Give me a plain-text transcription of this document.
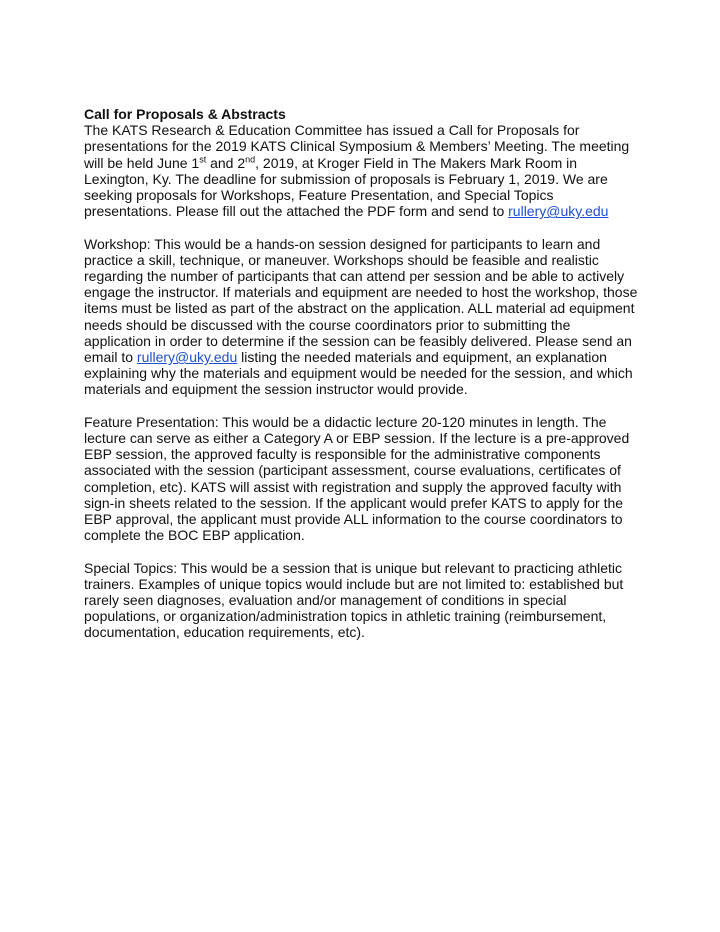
Call for Proposals & Abstracts

The KATS Research & Education Committee has issued a Call for Proposals for presentations for the 2019 KATS Clinical Symposium & Members’ Meeting. The meeting will be held June 1st and 2nd, 2019, at Kroger Field in The Makers Mark Room in Lexington, Ky. The deadline for submission of proposals is February 1, 2019. We are seeking proposals for Workshops, Feature Presentation, and Special Topics presentations. Please fill out the attached the PDF form and send to rullery@uky.edu

Workshop: This would be a hands-on session designed for participants to learn and practice a skill, technique, or maneuver. Workshops should be feasible and realistic regarding the number of participants that can attend per session and be able to actively engage the instructor. If materials and equipment are needed to host the workshop, those items must be listed as part of the abstract on the application. ALL material ad equipment needs should be discussed with the course coordinators prior to submitting the application in order to determine if the session can be feasibly delivered. Please send an email to rullery@uky.edu listing the needed materials and equipment, an explanation explaining why the materials and equipment would be needed for the session, and which materials and equipment the session instructor would provide.

Feature Presentation: This would be a didactic lecture 20-120 minutes in length. The lecture can serve as either a Category A or EBP session. If the lecture is a pre-approved EBP session, the approved faculty is responsible for the administrative components associated with the session (participant assessment, course evaluations, certificates of completion, etc). KATS will assist with registration and supply the approved faculty with sign-in sheets related to the session. If the applicant would prefer KATS to apply for the EBP approval, the applicant must provide ALL information to the course coordinators to complete the BOC EBP application.

Special Topics: This would be a session that is unique but relevant to practicing athletic trainers. Examples of unique topics would include but are not limited to: established but rarely seen diagnoses, evaluation and/or management of conditions in special populations, or organization/administration topics in athletic training (reimbursement, documentation, education requirements, etc).
